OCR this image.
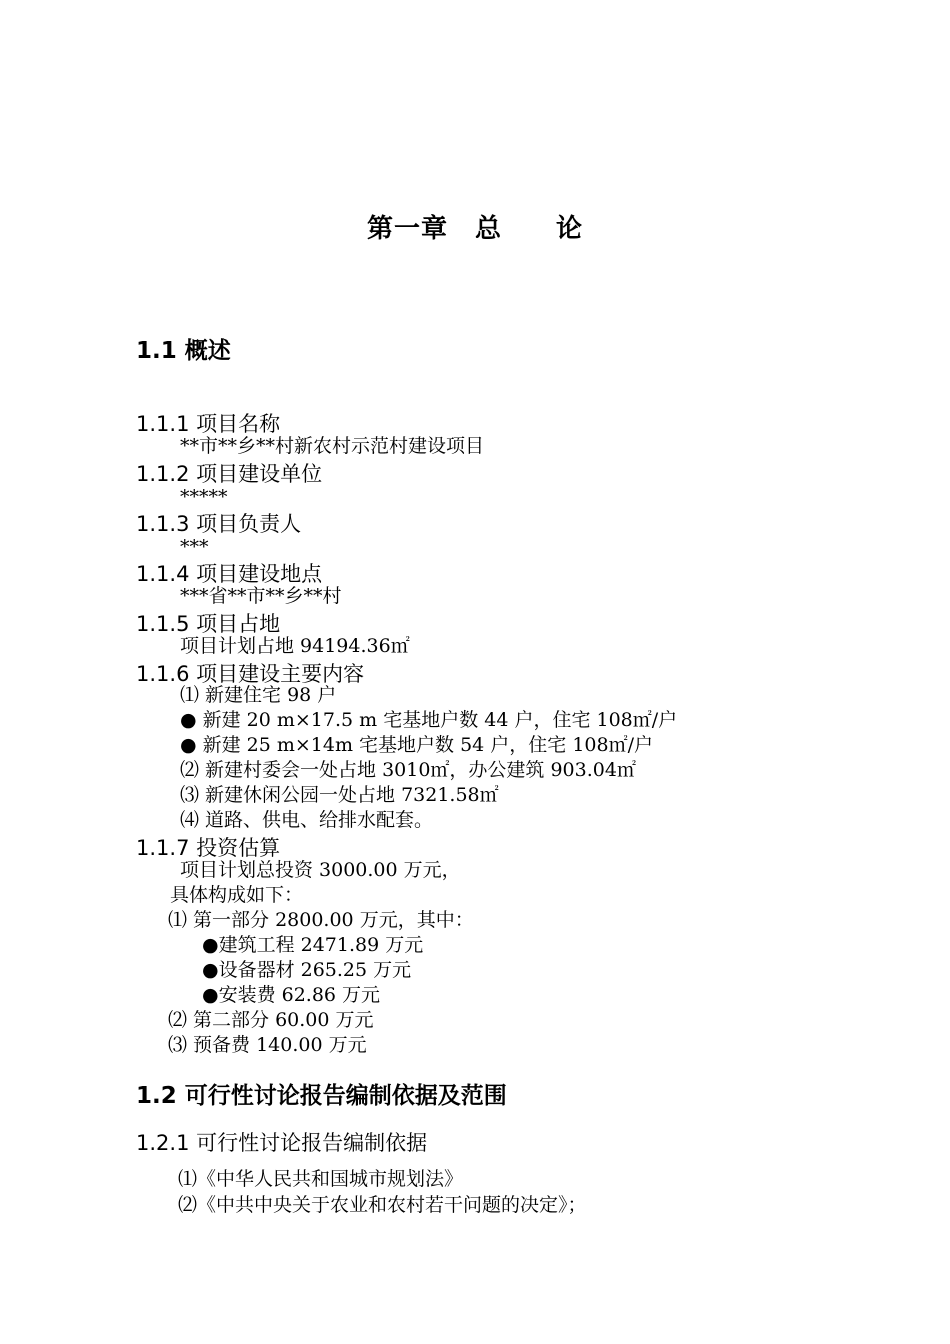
第一章　总　　论
1.1 概述
1.1.1 项目名称
**市**乡**村新农村示范村建设项目
1.1.2 项目建设单位
*****
1.1.3 项目负责人
***
1.1.4 项目建设地点
***省**市**乡**村
1.1.5 项目占地
项目计划占地 94194.36㎡
1.1.6 项目建设主要内容
⑴ 新建住宅 98 户
● 新建 20 m×17.5 m 宅基地户数 44 户，住宅 108㎡/户
● 新建 25 m×14m 宅基地户数 54 户，住宅 108㎡/户
⑵ 新建村委会一处占地 3010㎡，办公建筑 903.04㎡
⑶ 新建休闲公园一处占地 7321.58㎡
⑷ 道路、供电、给排水配套。
1.1.7 投资估算
项目计划总投资 3000.00 万元，
具体构成如下：
⑴ 第一部分 2800.00 万元，其中：
●建筑工程 2471.89 万元
●设备器材 265.25 万元
●安装费 62.86 万元
⑵ 第二部分 60.00 万元
⑶ 预备费 140.00 万元
1.2 可行性讨论报告编制依据及范围
1.2.1 可行性讨论报告编制依据
⑴《中华人民共和国城市规划法》
⑵《中共中央关于农业和农村若干问题的决定》；
